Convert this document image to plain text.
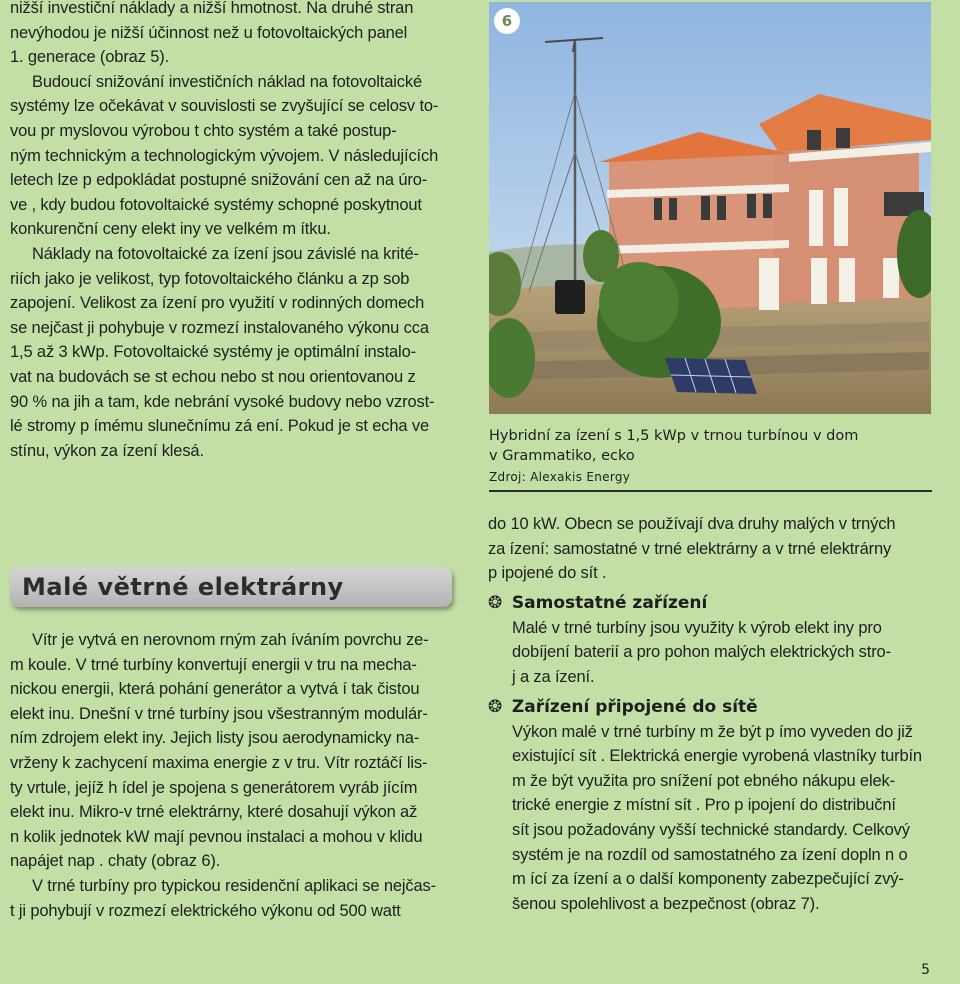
nižší investiční náklady a nižší hmotnost. Na druhé stran
nevýhodou je nižší účinnost než u fotovoltaických panel
1. generace (obraz 5).

Budoucí snižování investičních náklad na fotovoltaické
systémy lze očekávat v souvislosti se zvyšující se celosv to-
vou pr myslovou výrobou t chto systém a také postup-
ným technickým a technologickým vývojem. V následujících
letech lze p edpokládat postupné snižování cen až na úro-
ve , kdy budou fotovoltaické systémy schopné poskytnout
konkurenční ceny elekt iny ve velkém m ítku.

Náklady na fotovoltaické za ízení jsou závislé na krité-
riích jako je velikost, typ fotovoltaického článku a zp sob
zapojení. Velikost za ízení pro využití v rodinných domech
se nejčast ji pohybuje v rozmezí instalovaného výkonu cca
1,5 až 3 kWp. Fotovoltaické systémy je optimální instalo-
vat na budovách se st echou nebo st nou orientovanou z
90 % na jih a tam, kde nebrání vysoké budovy nebo vzrost-
lé stromy p ímému slunečnímu zá ení. Pokud je st echa ve
stínu, výkon za ízení klesá.

6
Hybridní za ízení s 1,5 kWp v trnou turbínou v dom
v Grammatiko, ecko
Zdroj: Alexakis Energy
Malé větrné elektrárny

Vítr je vytvá en nerovnom rným zah íváním povrchu ze-
m koule. V trné turbíny konvertují energii v tru na mecha-
nickou energii, která pohání generátor a vytvá í tak čistou
elekt inu. Dnešní v trné turbíny jsou všestranným modulár-
ním zdrojem elekt iny. Jejich listy jsou aerodynamicky na-
vrženy k zachycení maxima energie z v tru. Vítr roztáčí lis-
ty vrtule, jejíž h ídel je spojena s generátorem vyráb jícím
elekt inu. Mikro-v trné elektrárny, které dosahují výkon až
n kolik jednotek kW mají pevnou instalaci a mohou v klidu
napájet nap . chaty (obraz 6).

V trné turbíny pro typickou residenční aplikaci se nejčas-
t ji pohybují v rozmezí elektrického výkonu od 500 watt

do 10 kW. Obecn se používají dva druhy malých v trných
za ízení: samostatné v trné elektrárny a v trné elektrárny
p ipojené do sít .

❂ Samostatné zařízení

Malé v trné turbíny jsou využity k výrob elekt iny pro
dobíjení baterií a pro pohon malých elektrických stro-
j a za ízení.

❂ Zařízení připojené do sítě

Výkon malé v trné turbíny m že být p ímo vyveden do již
existující sít . Elektrická energie vyrobená vlastníky turbín
m že být využita pro snížení pot ebného nákupu elek-
trické energie z místní sít . Pro p ipojení do distribuční
sít jsou požadovány vyšší technické standardy. Celkový
systém je na rozdíl od samostatného za ízení dopln n o
m ící za ízení a o další komponenty zabezpečující zvý-
šenou spolehlivost a bezpečnost (obraz 7).

5
